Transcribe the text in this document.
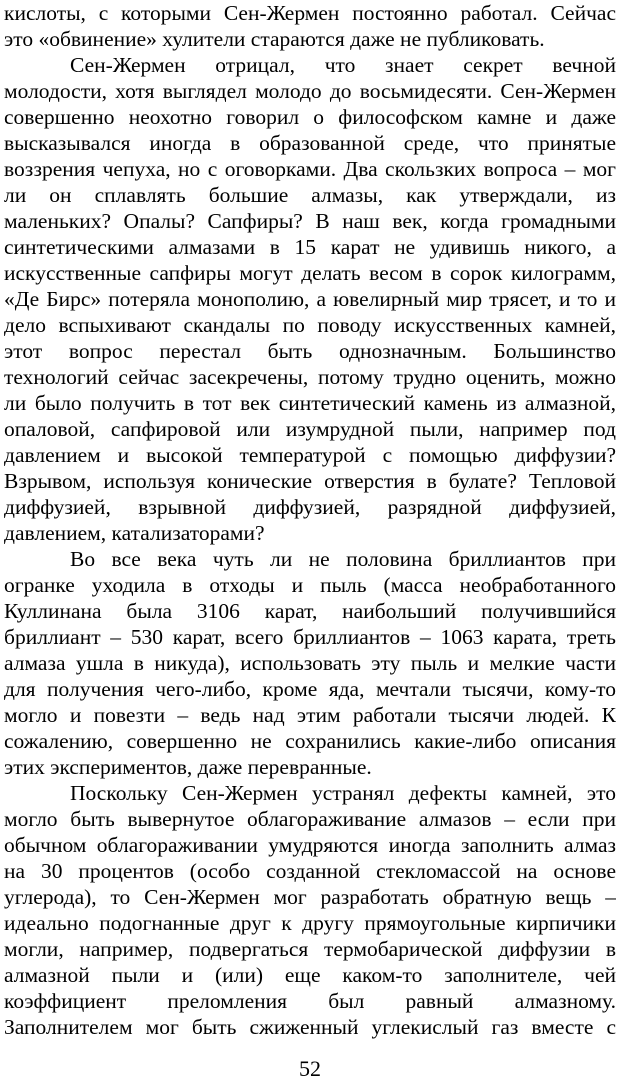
кислоты, с которыми Сен-Жермен постоянно работал. Сейчас
это «обвинение» хулители стараются даже не публиковать.
Сен-Жермен отрицал, что знает секрет вечной
молодости, хотя выглядел молодо до восьмидесяти. Сен-Жермен
совершенно неохотно говорил о философском камне и даже
высказывался иногда в образованной среде, что принятые
воззрения чепуха, но с оговорками. Два скользких вопроса – мог
ли он сплавлять большие алмазы, как утверждали, из
маленьких? Опалы? Сапфиры? В наш век, когда громадными
синтетическими алмазами в 15 карат не удивишь никого, а
искусственные сапфиры могут делать весом в сорок килограмм,
«Де Бирс» потеряла монополию, а ювелирный мир трясет, и то и
дело вспыхивают скандалы по поводу искусственных камней,
этот вопрос перестал быть однозначным. Большинство
технологий сейчас засекречены, потому трудно оценить, можно
ли было получить в тот век синтетический камень из алмазной,
опаловой, сапфировой или изумрудной пыли, например под
давлением и высокой температурой с помощью диффузии?
Взрывом, используя конические отверстия в булате? Тепловой
диффузией, взрывной диффузией, разрядной диффузией,
давлением, катализаторами?
Во все века чуть ли не половина бриллиантов при
огранке уходила в отходы и пыль (масса необработанного
Куллинана была 3106 карат, наибольший получившийся
бриллиант – 530 карат, всего бриллиантов – 1063 карата, треть
алмаза ушла в никуда), использовать эту пыль и мелкие части
для получения чего-либо, кроме яда, мечтали тысячи, кому-то
могло и повезти – ведь над этим работали тысячи людей. К
сожалению, совершенно не сохранились какие-либо описания
этих экспериментов, даже перевранные.
Поскольку Сен-Жермен устранял дефекты камней, это
могло быть вывернутое облагораживание алмазов – если при
обычном облагораживании умудряются иногда заполнить алмаз
на 30 процентов (особо созданной стекломассой на основе
углерода), то Сен-Жермен мог разработать обратную вещь –
идеально подогнанные друг к другу прямоугольные кирпичики
могли, например, подвергаться термобарической диффузии в
алмазной пыли и (или) еще каком-то заполнителе, чей
коэффициент преломления был равный алмазному.
Заполнителем мог быть сжиженный углекислый газ вместе с
52
